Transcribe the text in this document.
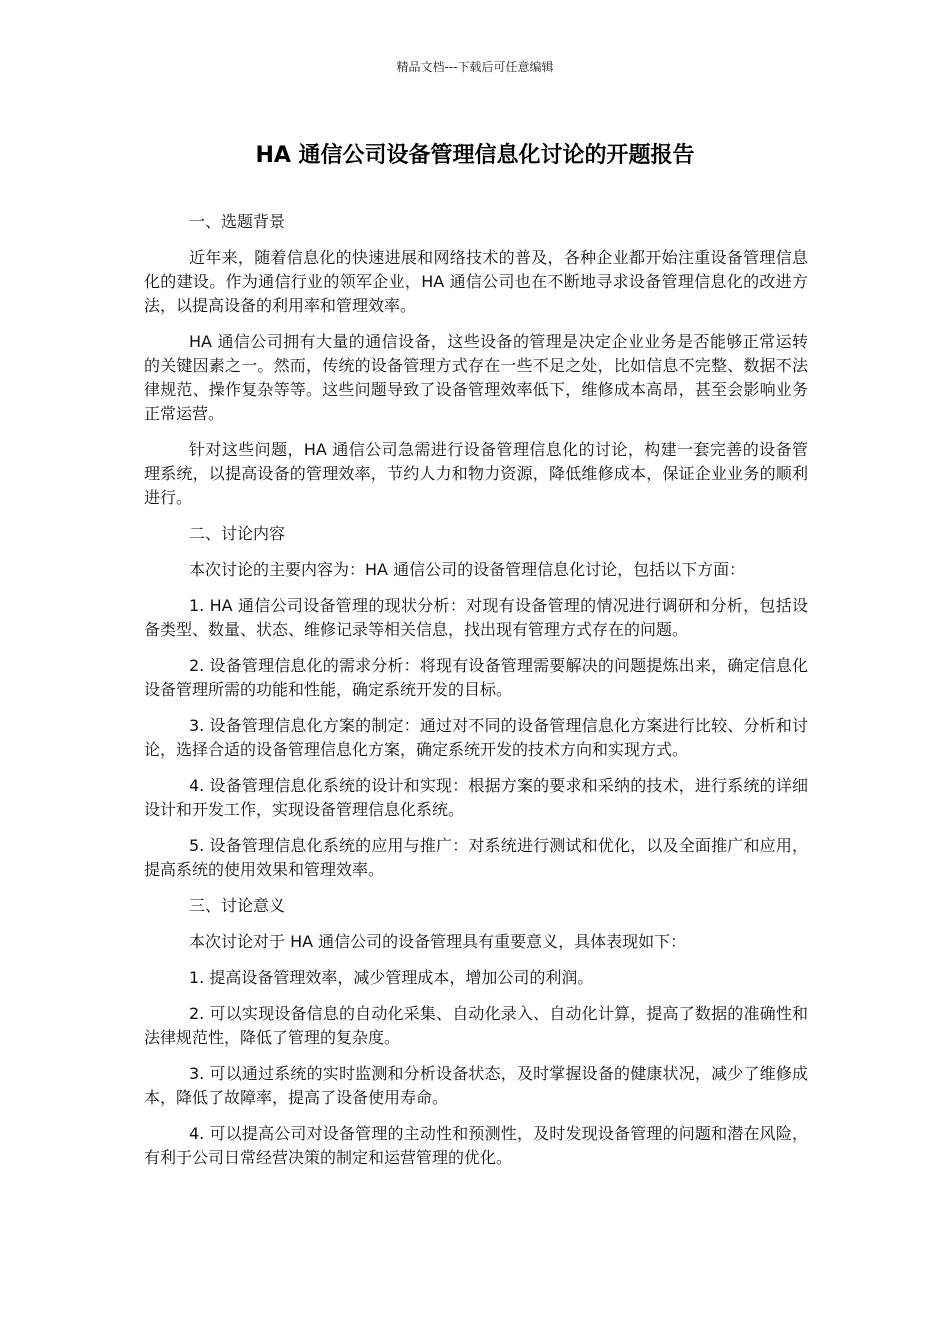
精品文档---下载后可任意编辑
HA 通信公司设备管理信息化讨论的开题报告

一、选题背景

近年来，随着信息化的快速进展和网络技术的普及，各种企业都开始注重设备管理信息化的建设。作为通信行业的领军企业，HA 通信公司也在不断地寻求设备管理信息化的改进方法，以提高设备的利用率和管理效率。

HA 通信公司拥有大量的通信设备，这些设备的管理是决定企业业务是否能够正常运转的关键因素之一。然而，传统的设备管理方式存在一些不足之处，比如信息不完整、数据不法律规范、操作复杂等等。这些问题导致了设备管理效率低下，维修成本高昂，甚至会影响业务正常运营。

针对这些问题，HA 通信公司急需进行设备管理信息化的讨论，构建一套完善的设备管理系统，以提高设备的管理效率，节约人力和物力资源，降低维修成本，保证企业业务的顺利进行。

二、讨论内容

本次讨论的主要内容为：HA 通信公司的设备管理信息化讨论，包括以下方面：

1. HA 通信公司设备管理的现状分析：对现有设备管理的情况进行调研和分析，包括设备类型、数量、状态、维修记录等相关信息，找出现有管理方式存在的问题。

2. 设备管理信息化的需求分析：将现有设备管理需要解决的问题提炼出来，确定信息化设备管理所需的功能和性能，确定系统开发的目标。

3. 设备管理信息化方案的制定：通过对不同的设备管理信息化方案进行比较、分析和讨论，选择合适的设备管理信息化方案，确定系统开发的技术方向和实现方式。

4. 设备管理信息化系统的设计和实现：根据方案的要求和采纳的技术，进行系统的详细设计和开发工作，实现设备管理信息化系统。

5. 设备管理信息化系统的应用与推广：对系统进行测试和优化，以及全面推广和应用，提高系统的使用效果和管理效率。

三、讨论意义

本次讨论对于 HA 通信公司的设备管理具有重要意义，具体表现如下：

1. 提高设备管理效率，减少管理成本，增加公司的利润。

2. 可以实现设备信息的自动化采集、自动化录入、自动化计算，提高了数据的准确性和法律规范性，降低了管理的复杂度。

3. 可以通过系统的实时监测和分析设备状态，及时掌握设备的健康状况，减少了维修成本，降低了故障率，提高了设备使用寿命。

4. 可以提高公司对设备管理的主动性和预测性，及时发现设备管理的问题和潜在风险，有利于公司日常经营决策的制定和运营管理的优化。
